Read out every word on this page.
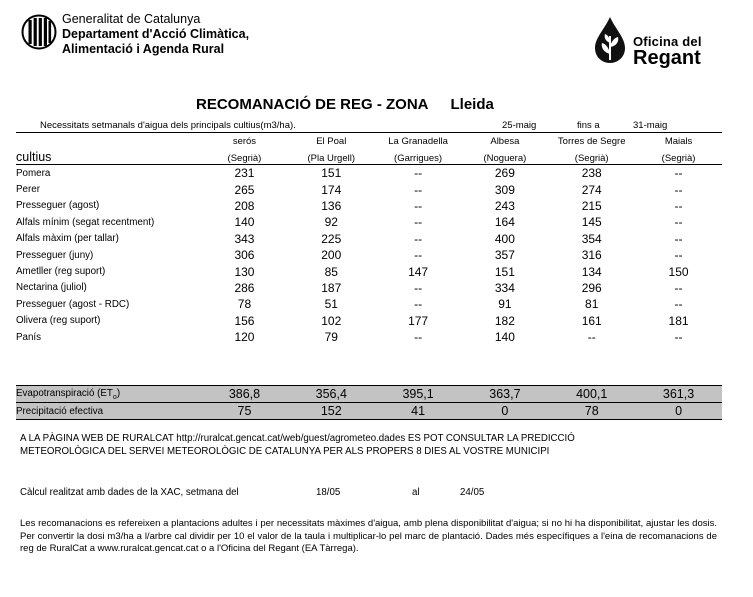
Generalitat de Catalunya
Departament d'Acció Climàtica,
Alimentació i Agenda Rural	Oficina del
Regant
RECOMANACIÓ DE REG - ZONA Lleida
Necessitats setmanals d'aigua dels principals cultius(m3/ha).	25-maig	fins a	31-maig
	serós	El Poal	La Granadella	Albesa	Torres de Segre	Maials
cultius	(Segrià)	(Pla Urgell)	(Garrigues)	(Noguera)	(Segrià)	(Segrià)
Pomera	231	151	--	269	238	--
Perer	265	174	--	309	274	--
Presseguer (agost)	208	136	--	243	215	--
Alfals mínim (segat recentment)	140	92	--	164	145	--
Alfals màxim (per tallar)	343	225	--	400	354	--
Presseguer (juny)	306	200	--	357	316	--
Ametller (reg suport)	130	85	147	151	134	150
Nectarina (juliol)	286	187	--	334	296	--
Presseguer (agost - RDC)	78	51	--	91	81	--
Olivera (reg suport)	156	102	177	182	161	181
Panís	120	79	--	140	--	--

Evapotranspiració $(ET_o)$	386,8	356,4	395,1	363,7	400,1	361,3
Precipitació efectiva	75	152	41	0	78	0
A LA PÀGINA WEB DE RURALCAT http://ruralcat.gencat.cat/web/guest/agrometeo.dades ES POT CONSULTAR LA PREDICCIÓ
METEOROLÒGICA DEL SERVEI METEOROLÒGIC DE CATALUNYA PER ALS PROPERS 8 DIES AL VOSTRE MUNICIPI
Càlcul realitzat amb dades de la XAC, setmana del	18/05	al	24/05
Les recomanacions es refereixen a plantacions adultes i per necessitats màximes d'aigua, amb plena disponibilitat d'aigua; si no hi ha disponibilitat, ajustar les dosis. Per convertir la dosi m3/ha a l/arbre cal dividir per 10 el valor de la taula i multiplicar-lo pel marc de plantació. Dades més específiques a l'eina de recomanacions de reg de RuralCat a www.ruralcat.gencat.cat o a l'Oficina del Regant (EA Tàrrega).
